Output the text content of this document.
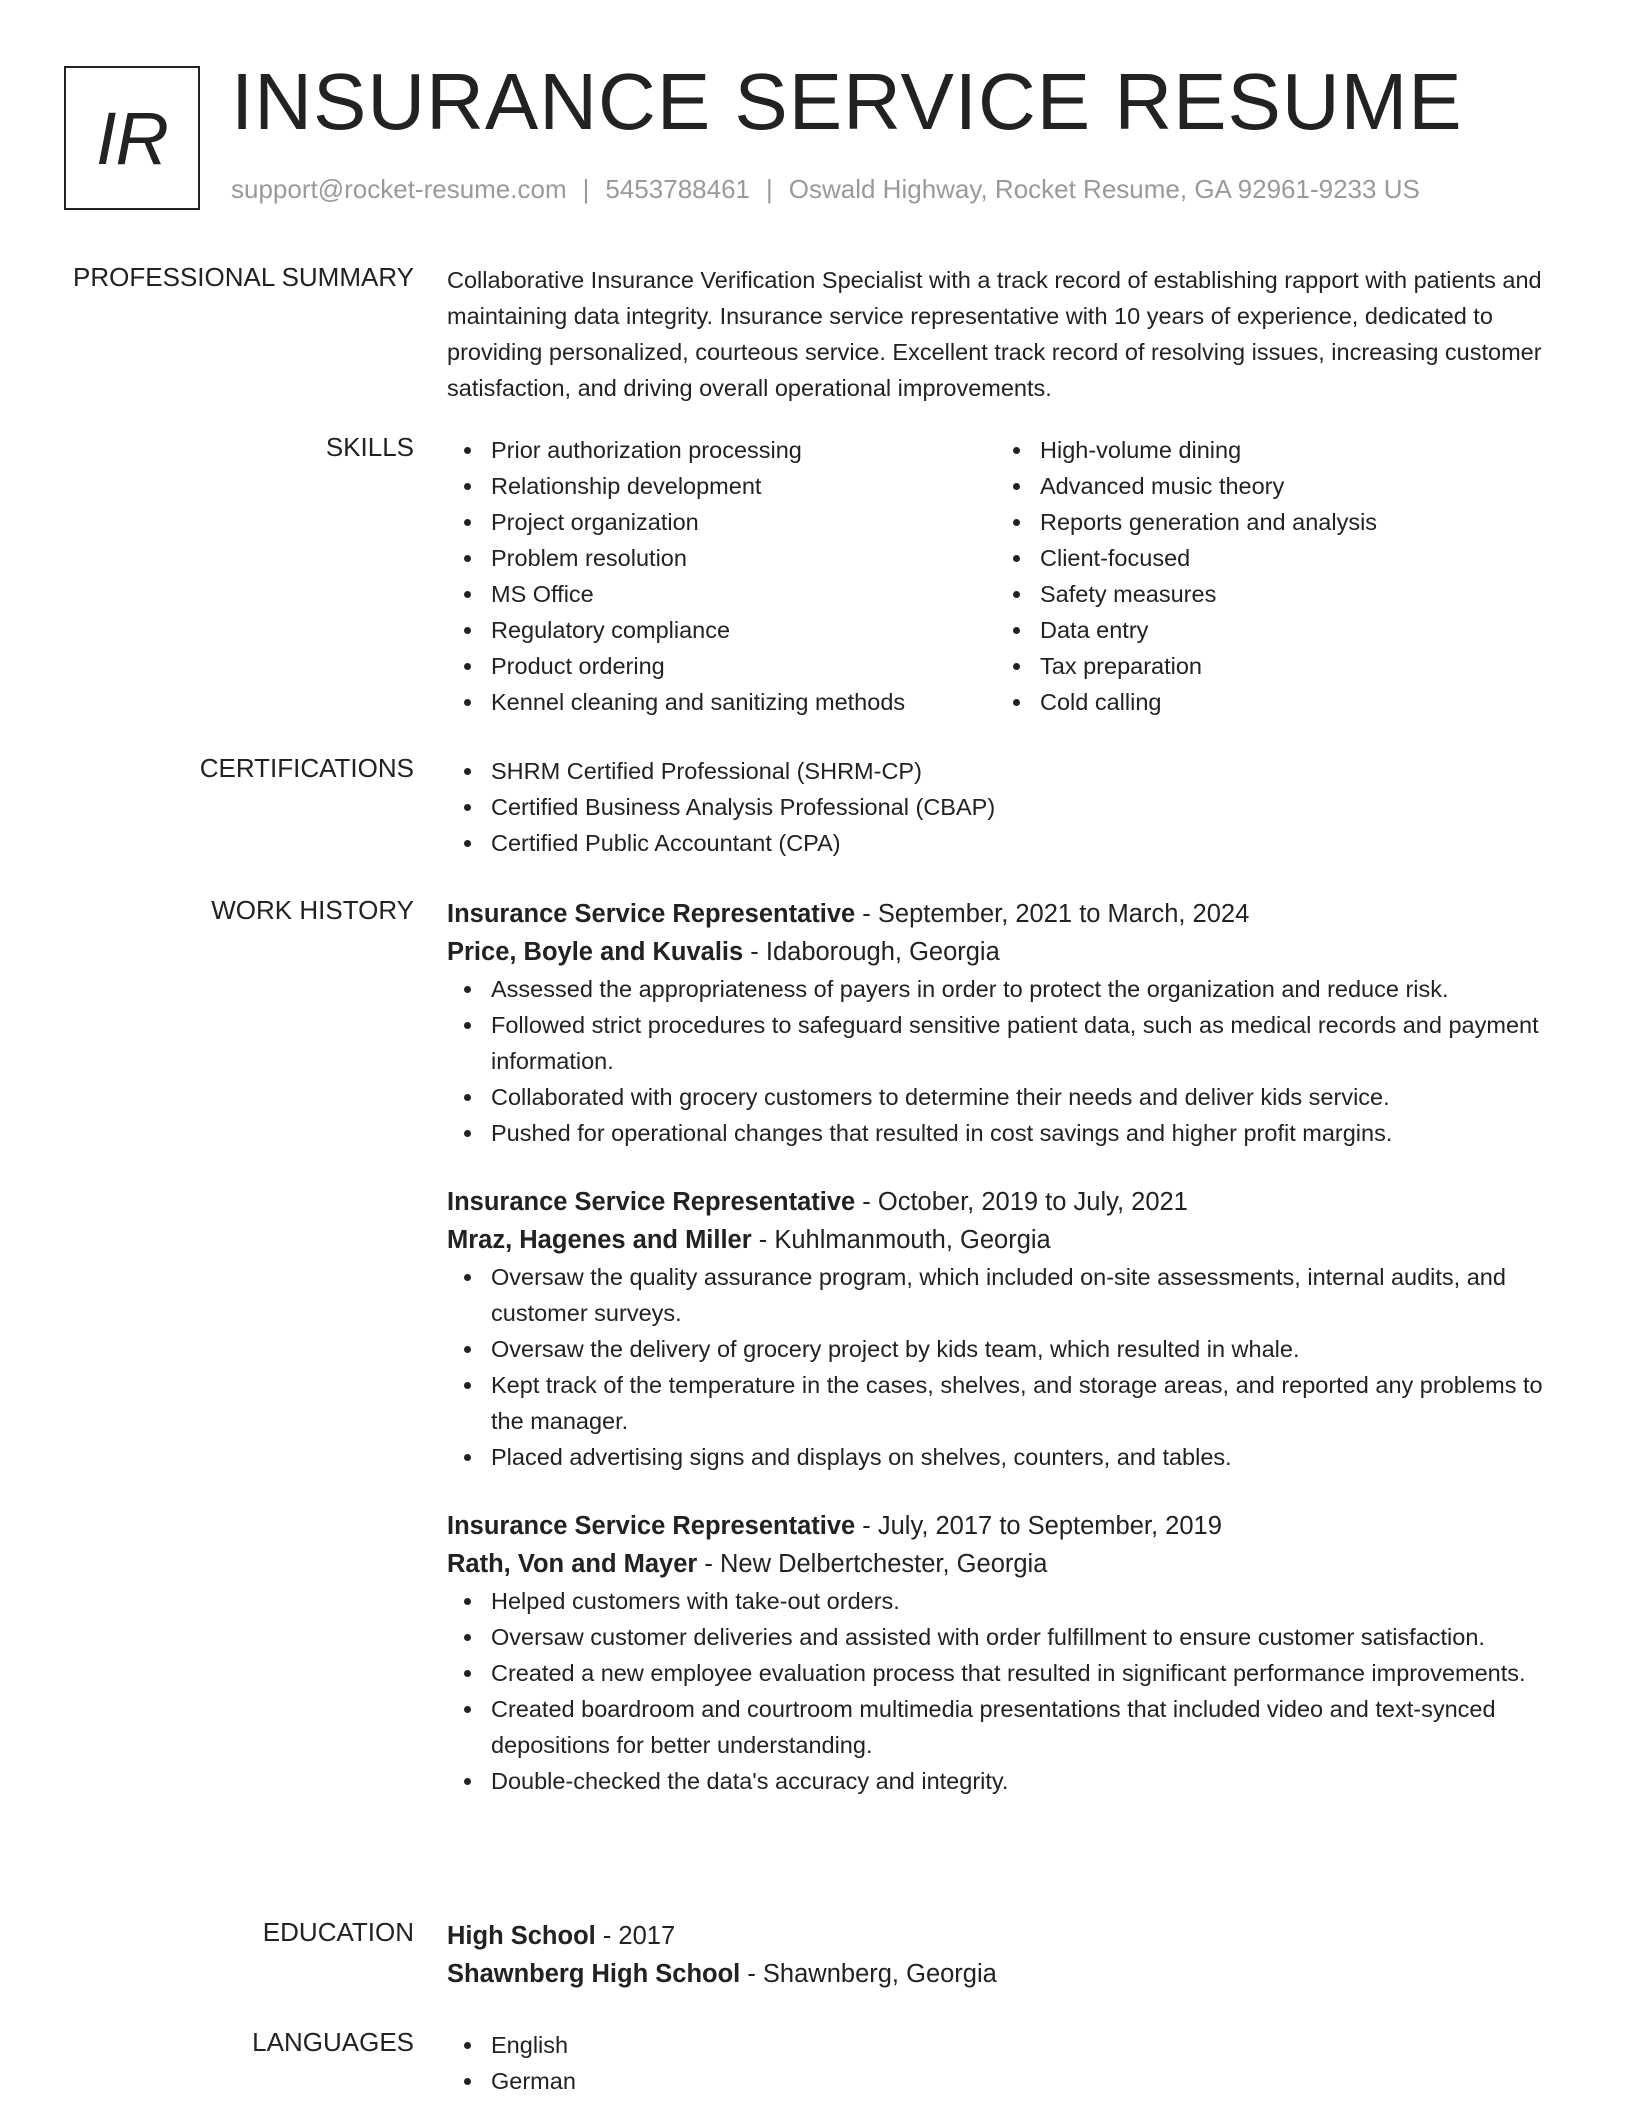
IR INSURANCE SERVICE RESUME
support@rocket-resume.com | 5453788461 | Oswald Highway, Rocket Resume, GA 92961-9233 US
PROFESSIONAL SUMMARY Collaborative Insurance Verification Specialist with a track record of establishing rapport with patients and maintaining data integrity. Insurance service representative with 10 years of experience, dedicated to providing personalized, courteous service. Excellent track record of resolving issues, increasing customer satisfaction, and driving overall operational improvements.

SKILLS	Prior authorization processing
Relationship development
Project organization
Problem resolution
MS Office
Regulatory compliance
Product ordering
Kennel cleaning and sanitizing methods
High-volume dining
Advanced music theory
Reports generation and analysis
Client-focused
Safety measures
Data entry
Tax preparation
Cold calling
CERTIFICATIONS	SHRM Certified Professional (SHRM-CP)
Certified Business Analysis Professional (CBAP)
Certified Public Accountant (CPA)
WORK HISTORY Insurance Service Representative - September, 2021 to March, 2024

Price, Boyle and Kuvalis - Idaborough, Georgia

Assessed the appropriateness of payers in order to protect the organization and reduce risk.
Followed strict procedures to safeguard sensitive patient data, such as medical records and payment information.
Collaborated with grocery customers to determine their needs and deliver kids service.
Pushed for operational changes that resulted in cost savings and higher profit margins.

Insurance Service Representative - October, 2019 to July, 2021

Mraz, Hagenes and Miller - Kuhlmanmouth, Georgia

Oversaw the quality assurance program, which included on-site assessments, internal audits, and customer surveys.
Oversaw the delivery of grocery project by kids team, which resulted in whale.
Kept track of the temperature in the cases, shelves, and storage areas, and reported any problems to the manager.
Placed advertising signs and displays on shelves, counters, and tables.

Insurance Service Representative - July, 2017 to September, 2019

Rath, Von and Mayer - New Delbertchester, Georgia

Helped customers with take-out orders.
Oversaw customer deliveries and assisted with order fulfillment to ensure customer satisfaction.
Created a new employee evaluation process that resulted in significant performance improvements.
Created boardroom and courtroom multimedia presentations that included video and text-synced depositions for better understanding.
Double-checked the data's accuracy and integrity.
EDUCATION High School - 2017

Shawnberg High School - Shawnberg, Georgia

LANGUAGES	English
German
